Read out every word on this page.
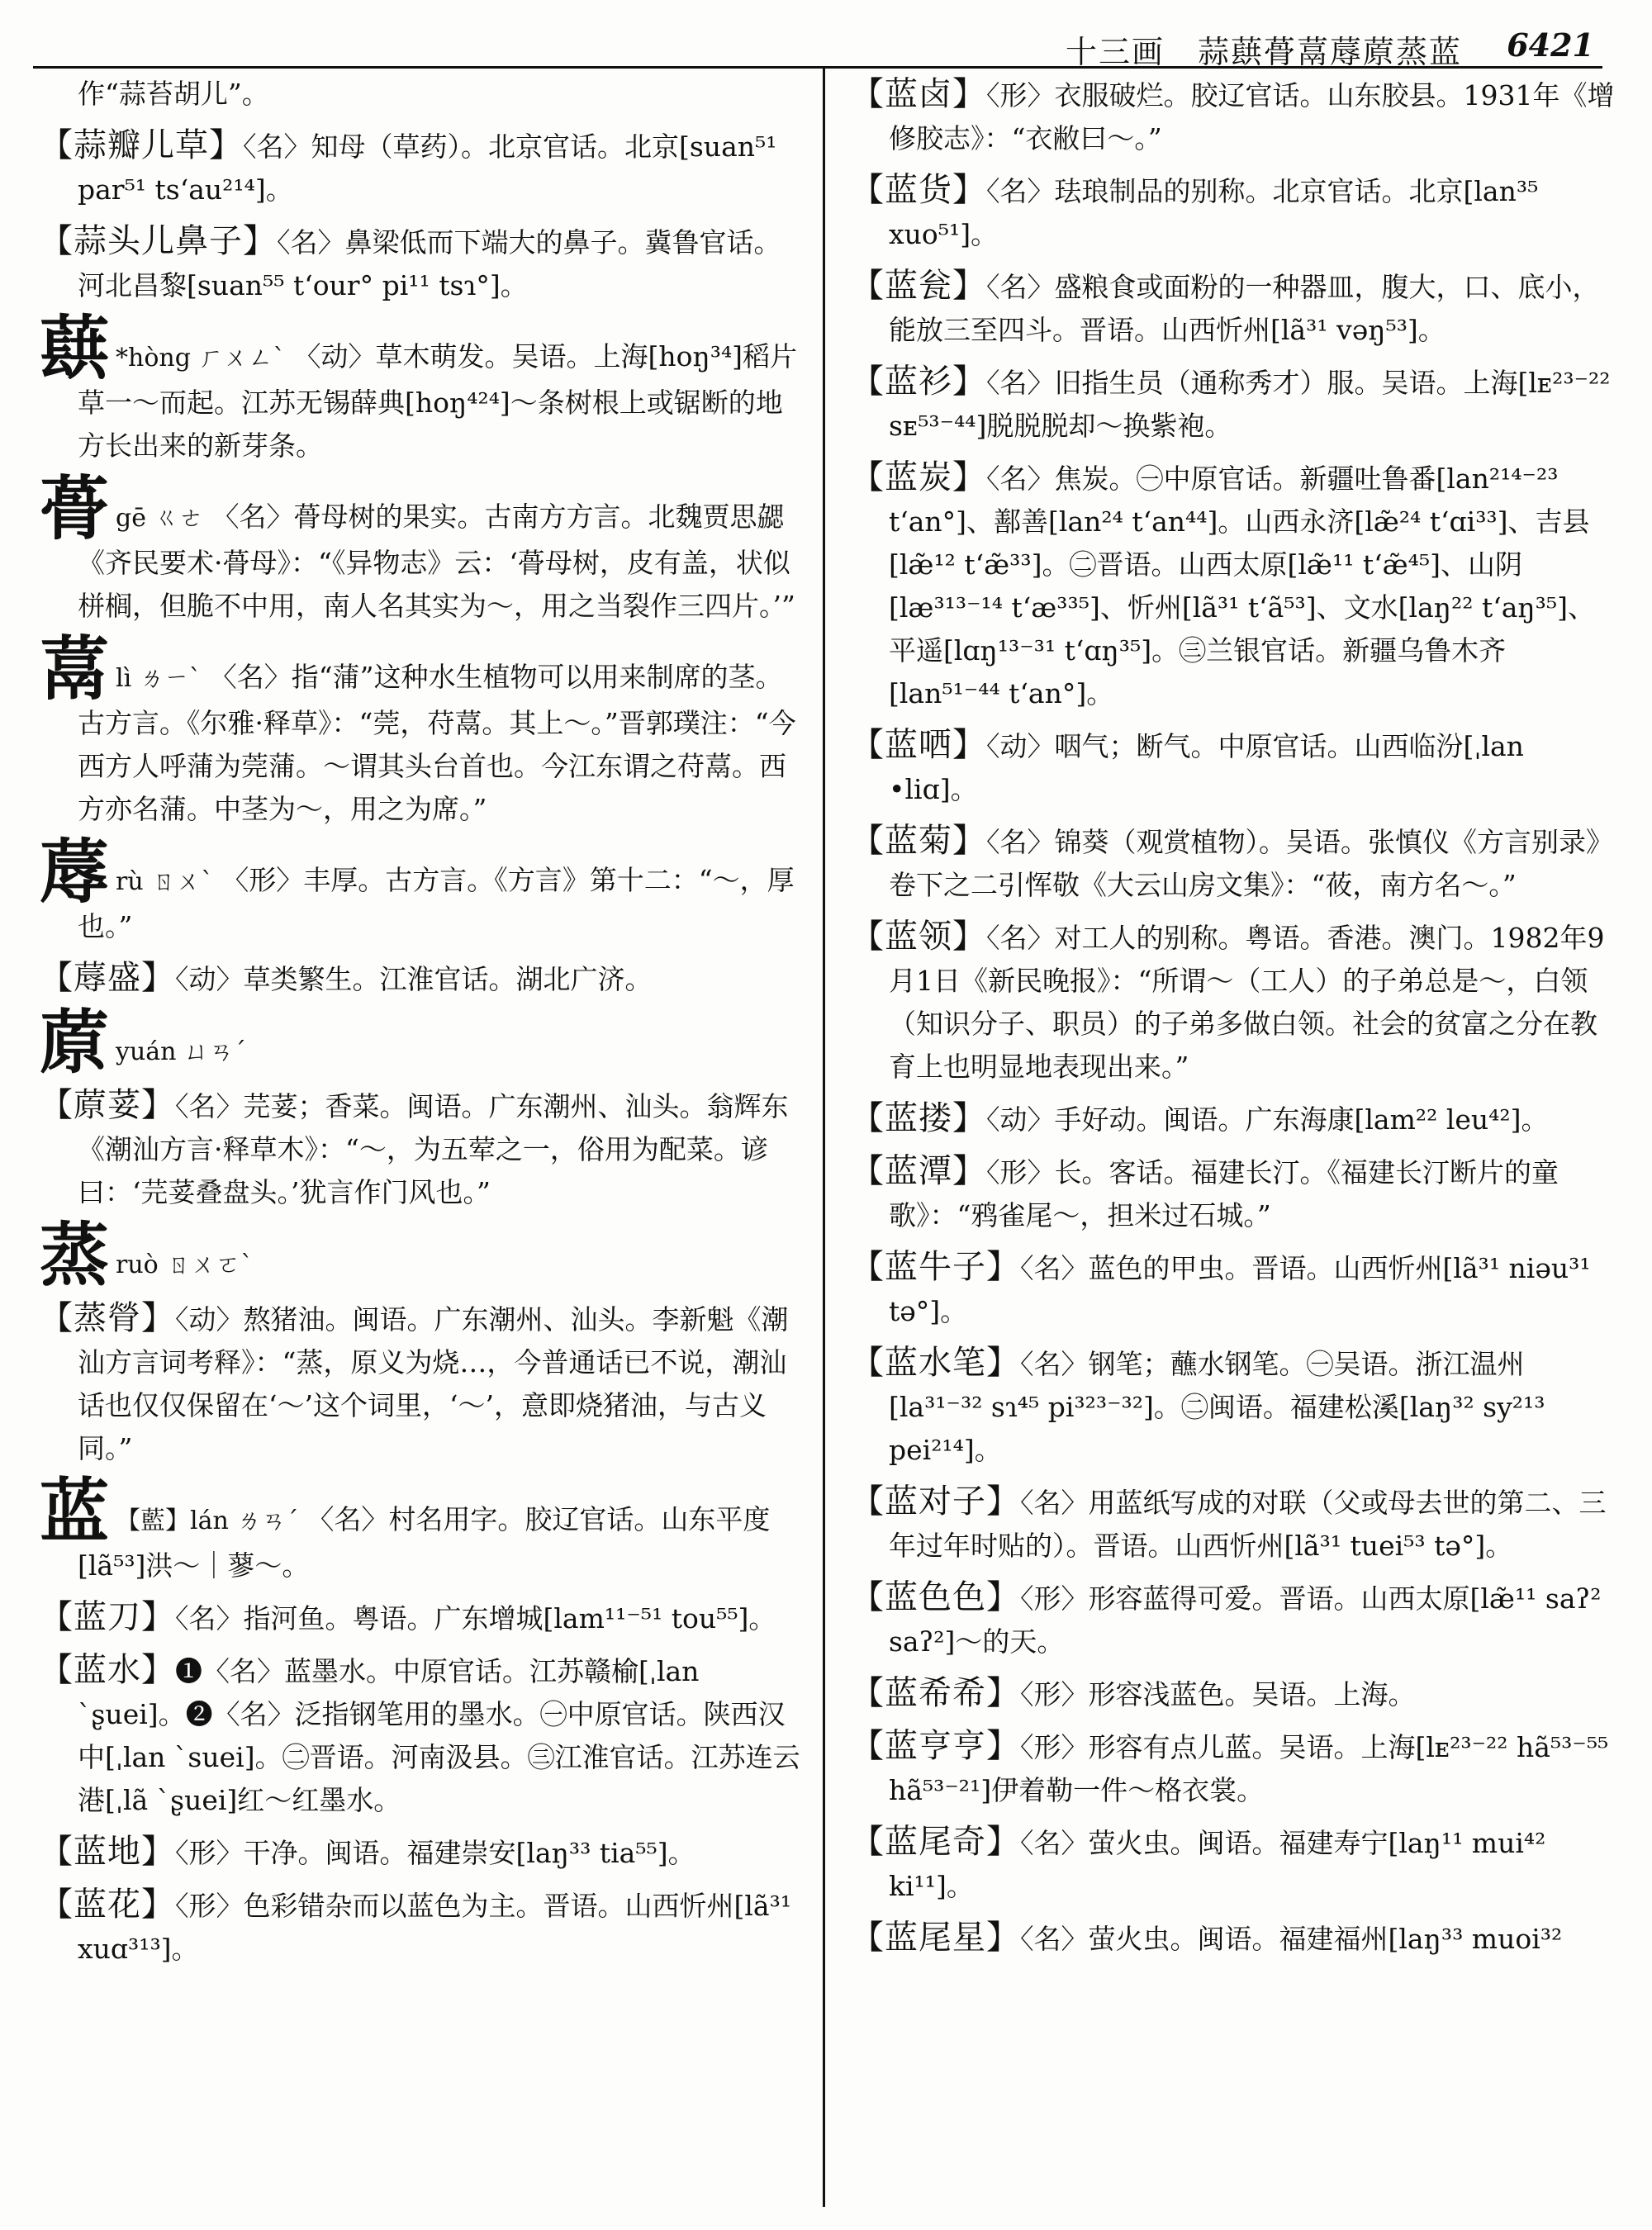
十三画　蒜蕻蓇蒚蓐蒝蒸蓝 6421
作“蒜苔胡儿”。
【蒜瓣儿草】〈名〉知母（草药）。北京官话。北京[suan⁵¹ par⁵¹ ts‘au²¹⁴]。
【蒜头儿鼻子】〈名〉鼻梁低而下端大的鼻子。冀鲁官话。河北昌黎[suan⁵⁵ t‘our° pi¹¹ tsɿ°]。
蕻 *hòng ㄏㄨㄥˋ 〈动〉草木萌发。吴语。上海[hoŋ³⁴]稻片草一～而起。江苏无锡薛典[hoŋ⁴²⁴]～条树根上或锯断的地方长出来的新芽条。
蓇gē ㄍㄜ 〈名〉蓇母树的果实。古南方方言。北魏贾思勰《齐民要术·蓇母》：“《异物志》云：‘蓇母树，皮有盖，状似栟榈，但脆不中用，南人名其实为～，用之当裂作三四片。’”
蒚lì ㄌㄧˋ 〈名〉指“蒲”这种水生植物可以用来制席的茎。古方言。《尔雅·释草》：“莞，苻蒚。其上～。”晋郭璞注：“今西方人呼蒲为莞蒲。～谓其头台首也。今江东谓之苻蒚。西方亦名蒲。中茎为～，用之为席。”
蓐rù ㄖㄨˋ 〈形〉丰厚。古方言。《方言》第十二：“～，厚也。”
【蓐盛】〈动〉草类繁生。江淮官话。湖北广济。
蒝yuán ㄩㄢˊ
【蒝荽】〈名〉芫荽；香菜。闽语。广东潮州、汕头。翁辉东《潮汕方言·释草木》：“～，为五荤之一，俗用为配菜。谚曰：‘芫荽叠盘头。’犹言作门风也。”
蒸ruò ㄖㄨㄛˋ
【蒸膋】〈动〉熬猪油。闽语。广东潮州、汕头。李新魁《潮汕方言词考释》：“蒸，原义为烧…，今普通话已不说，潮汕话也仅仅保留在‘～’这个词里，‘～’，意即烧猪油，与古义同。”
蓝 【藍】lán ㄌㄢˊ 〈名〉村名用字。胶辽官话。山东平度[lã⁵³]洪～｜蓼～。
【蓝刀】〈名〉指河鱼。粤语。广东增城[lam¹¹⁻⁵¹ tou⁵⁵]。
【蓝水】❶〈名〉蓝墨水。中原官话。江苏赣榆[ˌlan ˋʂuei]。❷〈名〉泛指钢笔用的墨水。㊀中原官话。陕西汉中[ˌlan ˋsuei]。㊁晋语。河南汲县。㊂江淮官话。江苏连云港[ˌlã ˋʂuei]红～红墨水。
【蓝地】〈形〉干净。闽语。福建崇安[laŋ³³ tia⁵⁵]。
【蓝花】〈形〉色彩错杂而以蓝色为主。晋语。山西忻州[lã³¹ xuɑ³¹³]。
【蓝卤】〈形〉衣服破烂。胶辽官话。山东胶县。1931年《增修胶志》：“衣敝曰～。”
【蓝货】〈名〉珐琅制品的别称。北京官话。北京[lan³⁵ xuo⁵¹]。
【蓝瓮】〈名〉盛粮食或面粉的一种器皿，腹大，口、底小，能放三至四斗。晋语。山西忻州[lã³¹ vəŋ⁵³]。
【蓝衫】〈名〉旧指生员（通称秀才）服。吴语。上海[lᴇ²³⁻²² sᴇ⁵³⁻⁴⁴]脱脱脱却～换紫袍。
【蓝炭】〈名〉焦炭。㊀中原官话。新疆吐鲁番[lan²¹⁴⁻²³ t‘an°]、鄯善[lan²⁴ t‘an⁴⁴]。山西永济[læ̃²⁴ t‘ɑi³³]、吉县[læ̃¹² t‘æ̃³³]。㊁晋语。山西太原[læ̃¹¹ t‘æ̃⁴⁵]、山阴[læ³¹³⁻¹⁴ t‘æ³³⁵]、忻州[lã³¹ t‘ã⁵³]、文水[laŋ²² t‘aŋ³⁵]、平遥[lɑŋ¹³⁻³¹ t‘ɑŋ³⁵]。㊂兰银官话。新疆乌鲁木齐[lan⁵¹⁻⁴⁴ t‘an°]。
【蓝哂】〈动〉咽气；断气。中原官话。山西临汾[ˌlan •liɑ]。
【蓝菊】〈名〉锦葵（观赏植物）。吴语。张慎仪《方言别录》卷下之二引恽敬《大云山房文集》：“莜，南方名～。”
【蓝领】〈名〉对工人的别称。粤语。香港。澳门。1982年9月1日《新民晚报》：“所谓～（工人）的子弟总是～，白领（知识分子、职员）的子弟多做白领。社会的贫富之分在教育上也明显地表现出来。”
【蓝搂】〈动〉手好动。闽语。广东海康[lam²² leu⁴²]。
【蓝潭】〈形〉长。客话。福建长汀。《福建长汀断片的童歌》：“鸦雀尾～，担米过石城。”
【蓝牛子】〈名〉蓝色的甲虫。晋语。山西忻州[lã³¹ niəu³¹ tə°]。
【蓝水笔】〈名〉钢笔；蘸水钢笔。㊀吴语。浙江温州[la³¹⁻³² sɿ⁴⁵ pi³²³⁻³²]。㊁闽语。福建松溪[laŋ³² sy²¹³ pei²¹⁴]。
【蓝对子】〈名〉用蓝纸写成的对联（父或母去世的第二、三年过年时贴的）。晋语。山西忻州[lã³¹ tuei⁵³ tə°]。
【蓝色色】〈形〉形容蓝得可爱。晋语。山西太原[læ̃¹¹ saʔ² saʔ²]～的天。
【蓝希希】〈形〉形容浅蓝色。吴语。上海。
【蓝亨亨】〈形〉形容有点儿蓝。吴语。上海[lᴇ²³⁻²² hã⁵³⁻⁵⁵ hã⁵³⁻²¹]伊着勒一件～格衣裳。
【蓝尾奇】〈名〉萤火虫。闽语。福建寿宁[laŋ¹¹ mui⁴² ki¹¹]。
【蓝尾星】〈名〉萤火虫。闽语。福建福州[laŋ³³ muoi³²
